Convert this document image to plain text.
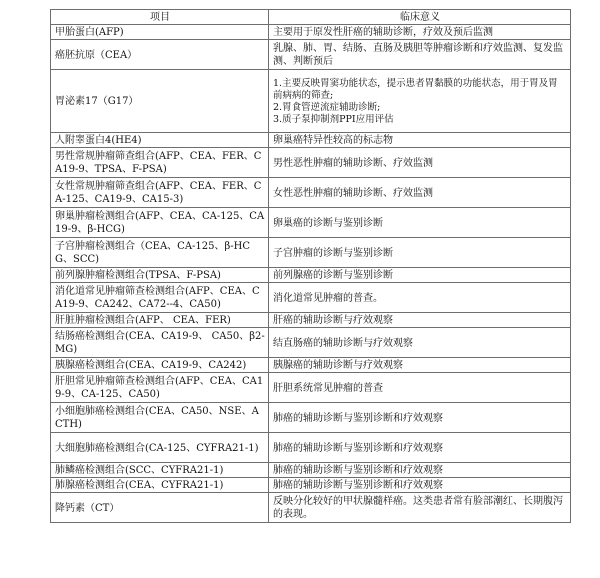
项目	临床意义
甲胎蛋白(AFP)	主要用于原发性肝癌的辅助诊断，疗效及预后监测
癌胚抗原（CEA）	乳腺、肺、胃、结肠、直肠及胰胆等肿瘤诊断和疗效监测、复发监测、判断预后
胃泌素17（G17）	1.主要反映胃窦功能状态，提示患者胃黏膜的功能状态，用于胃及胃前病病的筛查;
2.胃食管逆流症辅助诊断;
3.质子泵抑制剂PPI应用评估
人附睾蛋白4(HE4)	卵巢癌特异性较高的标志物
男性常规肿瘤筛查组合(AFP、CEA、FER、CA19-9、TPSA、F-PSA)	男性恶性肿瘤的辅助诊断、疗效监测
女性常规肿瘤筛查组合(AFP、CEA、FER、CA-125、CA19-9、CA15-3)	女性恶性肿瘤的辅助诊断、疗效监测
卵巢肿瘤检测组合(AFP、CEA、CA-125、CA19-9、β-HCG)	卵巢癌的诊断与鉴别诊断
子宫肿瘤检测组合（CEA、CA-125、β-HCG、SCC)	子宫肿瘤的诊断与鉴别诊断
前列腺肿瘤检测组合(TPSA、F-PSA)	前列腺癌的诊断与鉴别诊断
消化道常见肿瘤筛查检测组合(AFP、CEA、CA19-9、CA242、CA72--4、CA50)	消化道常见肿瘤的普查。
肝脏肿瘤检测组合(AFP、 CEA、FER)	肝癌的辅助诊断与疗效观察
结肠癌检测组合(CEA、CA19-9、 CA50、β2-MG)	结直肠癌的辅助诊断与疗效观察
胰腺癌检测组合(CEA、CA19-9、CA242)	胰腺癌的辅助诊断与疗效观察
肝胆常见肿瘤筛查检测组合(AFP、CEA、CA19-9、CA-125、CA50)	肝胆系统常见肿瘤的普查
小细胞肺癌检测组合(CEA、CA50、NSE、ACTH)	肺癌的辅助诊断与鉴别诊断和疗效观察
大细胞肺癌检测组合(CA-125、CYFRA21-1)	肺癌的辅助诊断与鉴别诊断和疗效观察
肺鳞癌检测组合(SCC、CYFRA21-1)	肺癌的辅助诊断与鉴别诊断和疗效观察
肺腺癌检测组合(CEA、CYFRA21-1)	肺癌的辅助诊断与鉴别诊断和疗效观察
降钙素（CT）	反映分化较好的甲状腺髓样癌。这类患者常有脸部潮红、长期腹泻的表现。
